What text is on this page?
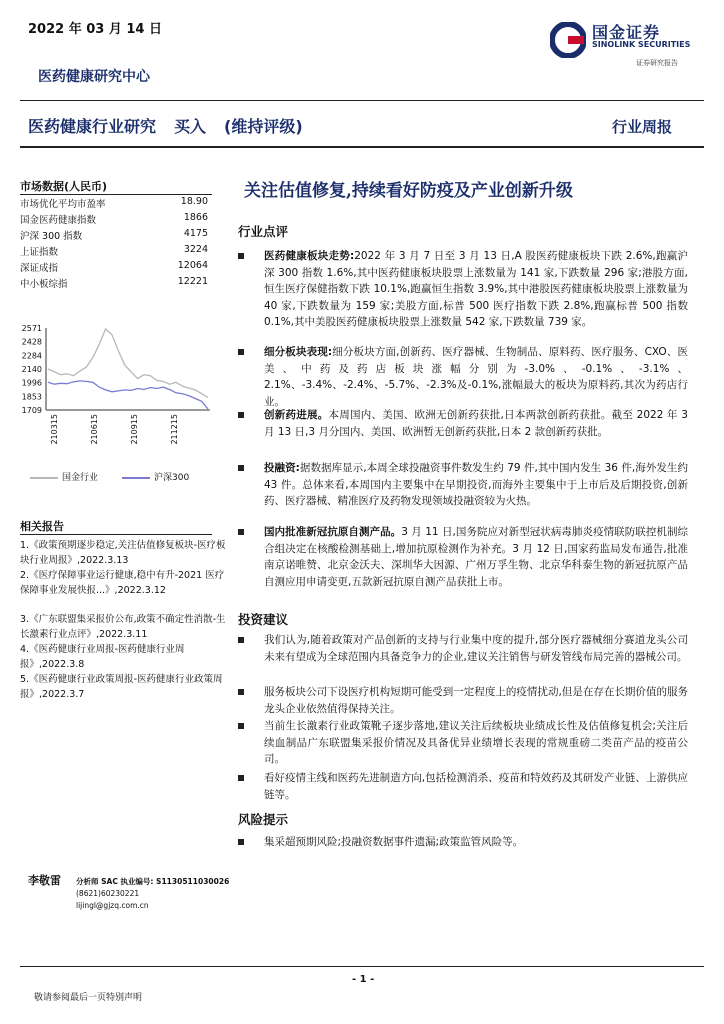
2022 年 03 月 14 日	国金证券
SINOLINK SECURITIES
证券研究报告
医药健康研究中心
医药健康行业研究 买入 (维持评级)	行业周报
市场数据(人民币)
市场优化平均市盈率	18.90
国金医药健康指数	1866
沪深 300 指数	4175
上证指数	3224
深证成指	12064
中小板综指	12221
2571
2428
2284
2140
1996
1853
1709
210315	210615	210915	211215
国金行业	沪深300
相关报告
1.《政策预期逐步稳定,关注估值修复板块-医疗板块行业周报》,2022.3.13
2.《医疗保障事业运行健康,稳中有升-2021 医疗保障事业发展快报...》,2022.3.12
3.《广东联盟集采报价公布,政策不确定性消散-生长激素行业点评》,2022.3.11
4.《医药健康行业周报-医药健康行业周报》,2022.3.8
5.《医药健康行业政策周报-医药健康行业政策周报》,2022.3.7
关注估值修复,持续看好防疫及产业创新升级
行业点评
医药健康板块走势:2022 年 3 月 7 日至 3 月 13 日,A 股医药健康板块下跌 2.6%,跑赢沪深 300 指数 1.6%,其中医药健康板块股票上涨数量为 141 家,下跌数量 296 家;港股方面,恒生医疗保健指数下跌 10.1%,跑赢恒生指数 3.9%,其中港股医药健康板块股票上涨数量为 40 家,下跌数量为 159 家;美股方面,标普 500 医疗指数下跌 2.8%,跑赢标普 500 指数 0.1%,其中美股医药健康板块股票上涨数量 542 家,下跌数量 739 家。
细分板块表现:细分板块方面,创新药、医疗器械、生物制品、原料药、医疗服务、CXO、医美、中药及药店板块涨幅分别为-3.0%、-0.1%、-3.1%、2.1%、-3.4%、-2.4%、-5.7%、-2.3%及-0.1%,涨幅最大的板块为原料药,其次为药店行业。
创新药进展。本周国内、美国、欧洲无创新药获批,日本两款创新药获批。截至 2022 年 3 月 13 日,3 月分国内、美国、欧洲暂无创新药获批,日本 2 款创新药获批。
投融资:据数据库显示,本周全球投融资事件数发生约 79 件,其中国内发生 36 件,海外发生约 43 件。总体来看,本周国内主要集中在早期投资,而海外主要集中于上市后及后期投资,创新药、医疗器械、精准医疗及药物发现领域投融资较为火热。
国内批准新冠抗原自测产品。3 月 11 日,国务院应对新型冠状病毒肺炎疫情联防联控机制综合组决定在核酸检测基础上,增加抗原检测作为补充。3 月 12 日,国家药监局发布通告,批准南京诺唯赞、北京金沃夫、深圳华大因源、广州万孚生物、北京华科泰生物的新冠抗原产品自测应用申请变更,五款新冠抗原自测产品获批上市。
投资建议
我们认为,随着政策对产品创新的支持与行业集中度的提升,部分医疗器械细分赛道龙头公司未来有望成为全球范围内具备竞争力的企业,建议关注销售与研发管线布局完善的器械公司。
服务板块公司下设医疗机构短期可能受到一定程度上的疫情扰动,但是在存在长期价值的服务龙头企业依然值得保持关注。
当前生长激素行业政策靴子逐步落地,建议关注后续板块业绩成长性及估值修复机会;关注后续血制品广东联盟集采报价情况及具备优异业绩增长表现的常规重磅二类苗产品的疫苗公司。
看好疫情主线和医药先进制造方向,包括检测消杀、疫苗和特效药及其研发产业链、上游供应链等。
风险提示
集采超预期风险;投融资数据事件遗漏;政策监管风险等。
李敬雷 分析师 SAC 执业编号: S1130511030026
(8621)60230221
lijingl@gjzq.com.cn
- 1 -
敬请参阅最后一页特别声明
